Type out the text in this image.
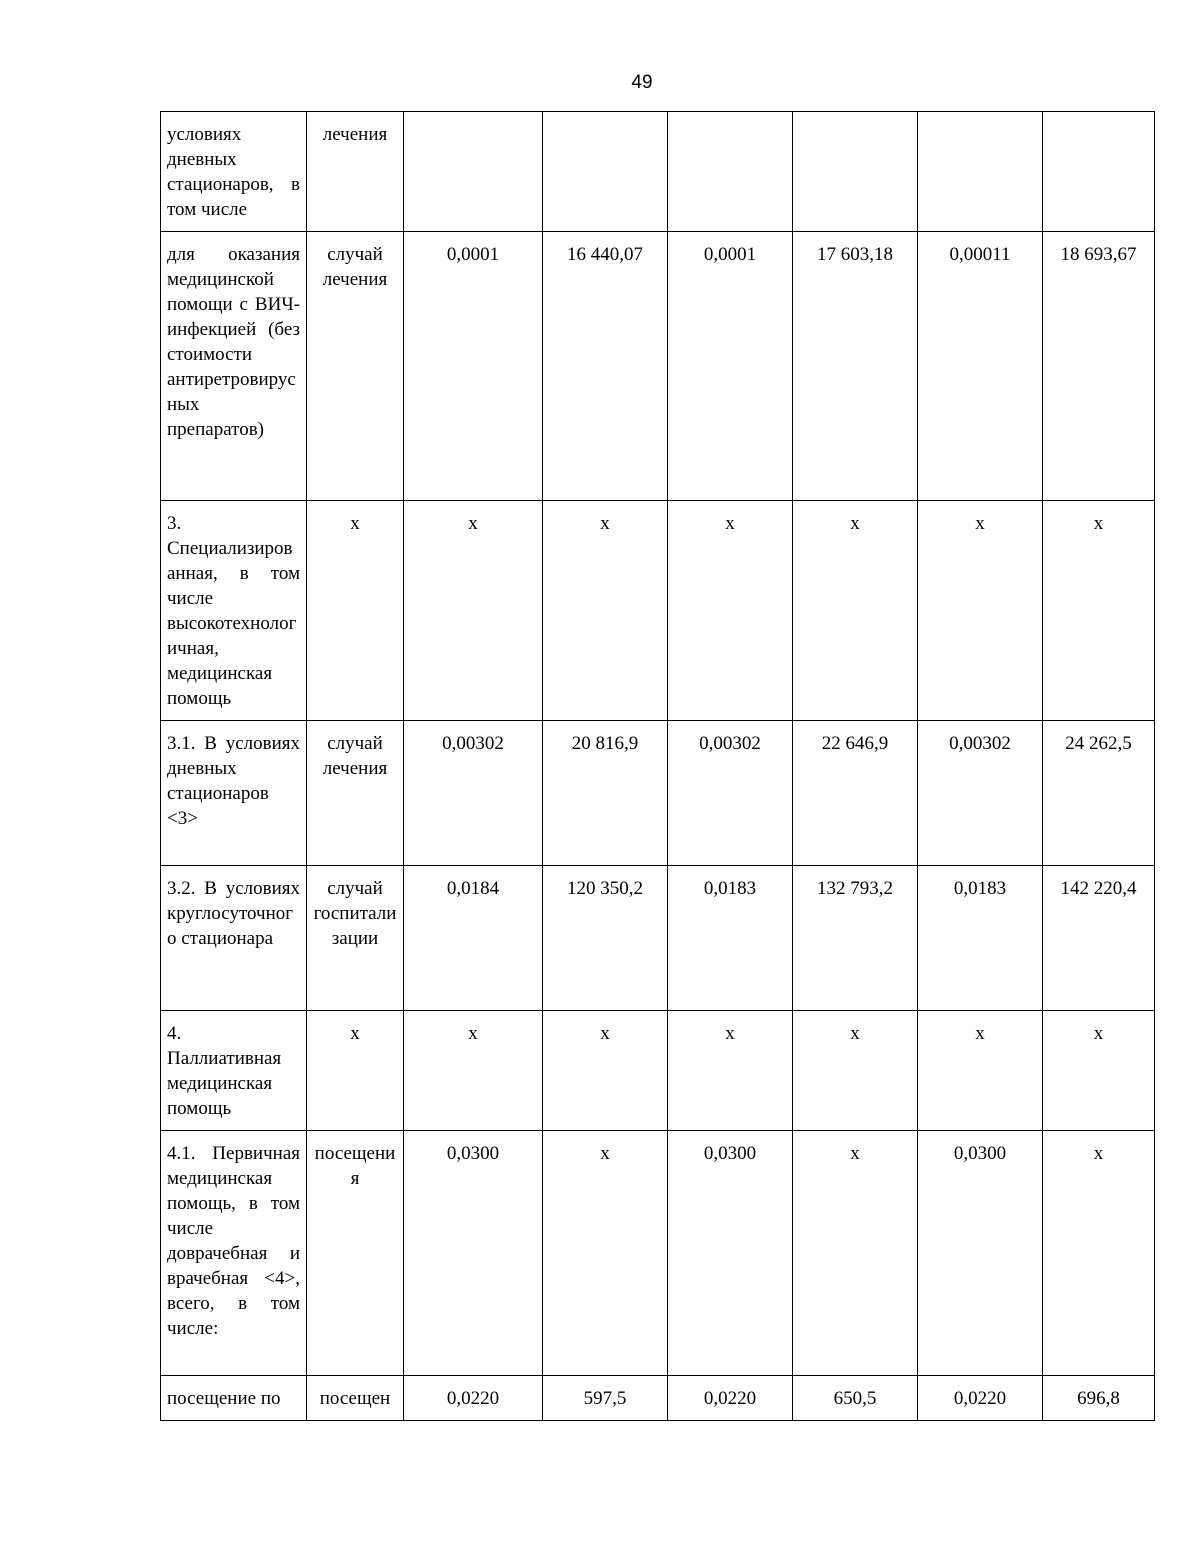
49
условиях дневных стационаров, в том числе	лечения						
для оказания медицинской помощи с ВИЧ-инфекцией (без стоимости антиретровирусных препаратов)	случай лечения	0,0001	16 440,07	0,0001	17 603,18	0,00011	18 693,67
3. Специализированная, в том числе высокотехнологичная, медицинская помощь	x	x	x	x	x	x	x
3.1. В условиях дневных стационаров <3>	случай лечения	0,00302	20 816,9	0,00302	22 646,9	0,00302	24 262,5
3.2. В условиях круглосуточного стационара	случай госпитализации	0,0184	120 350,2	0,0183	132 793,2	0,0183	142 220,4
4. Паллиативная медицинская помощь	x	x	x	x	x	x	x
4.1. Первичная медицинская помощь, в том числе доврачебная и врачебная <4>, всего, в том числе:	посещения	0,0300	x	0,0300	x	0,0300	x
посещение по	посещен	0,0220	597,5	0,0220	650,5	0,0220	696,8
